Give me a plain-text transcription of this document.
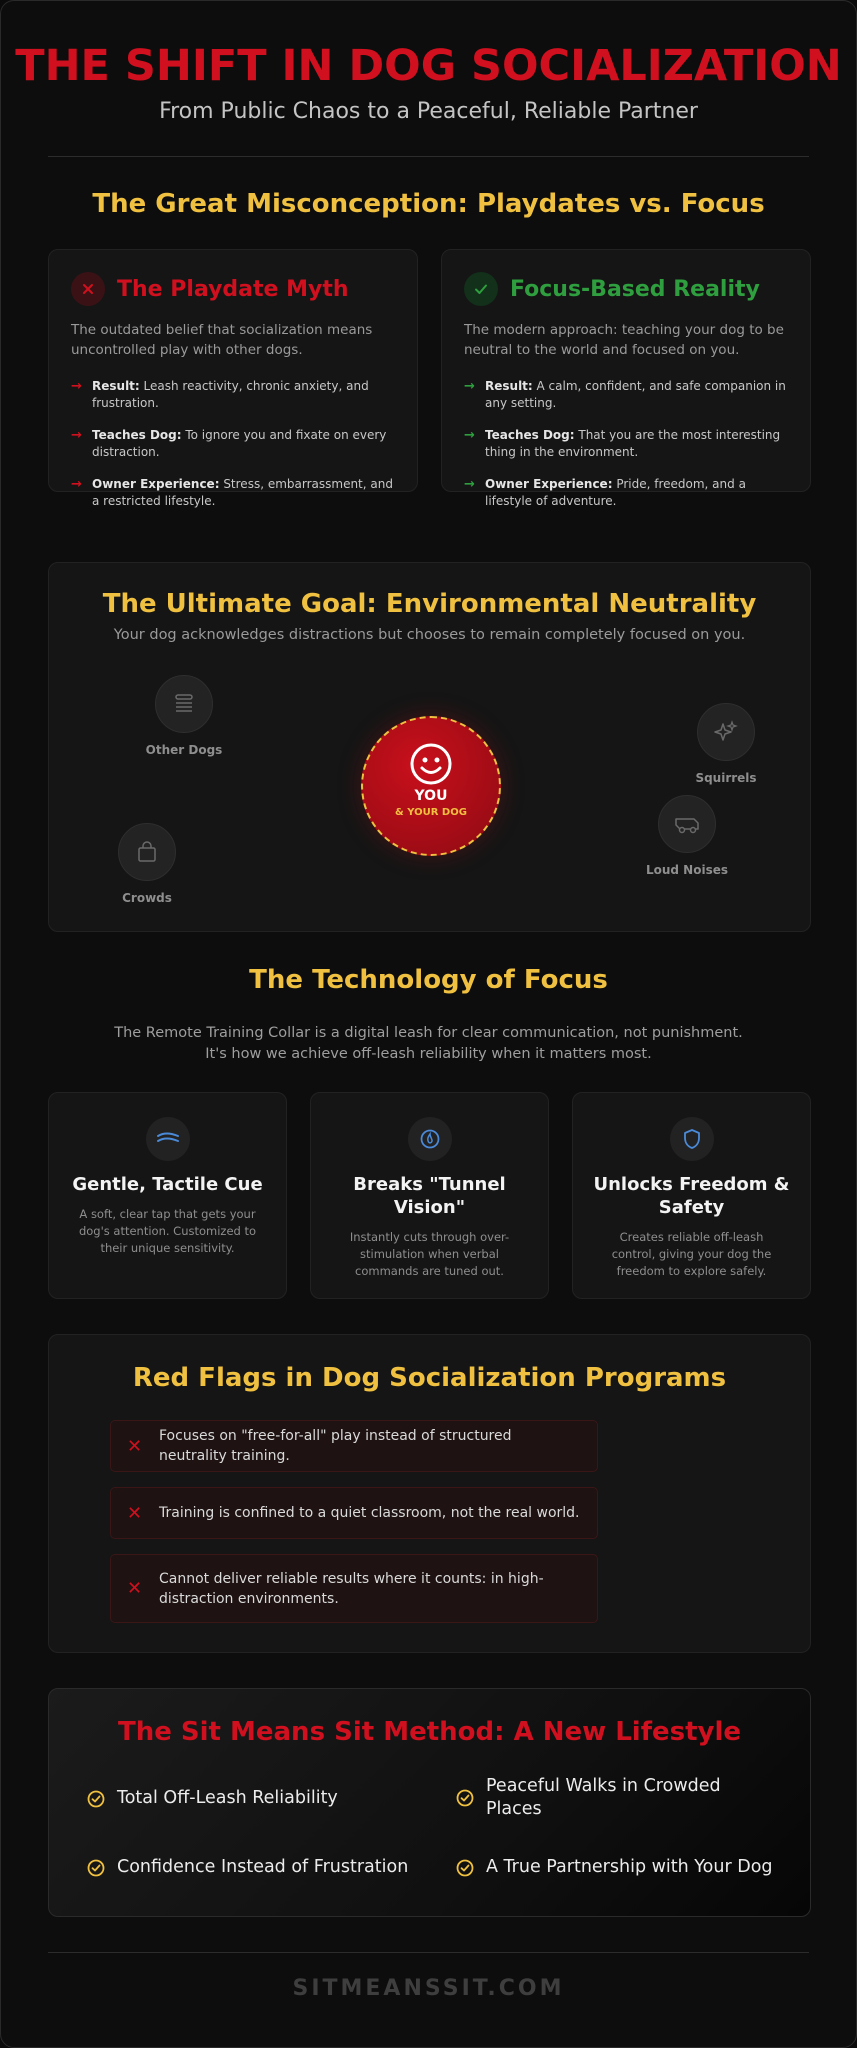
THE SHIFT IN DOG SOCIALIZATION
From Public Chaos to a Peaceful, Reliable Partner
The Great Misconception: Playdates vs. Focus
The Playdate Myth
The outdated belief that socialization means uncontrolled play with other dogs.
→ Result: Leash reactivity, chronic anxiety, and frustration.
→ Teaches Dog: To ignore you and fixate on every distraction.
→ Owner Experience: Stress, embarrassment, and a restricted lifestyle.
Focus-Based Reality
The modern approach: teaching your dog to be neutral to the world and focused on you.
→ Result: A calm, confident, and safe companion in any setting.
→ Teaches Dog: That you are the most interesting thing in the environment.
→ Owner Experience: Pride, freedom, and a lifestyle of adventure.
The Ultimate Goal: Environmental Neutrality
Your dog acknowledges distractions but chooses to remain completely focused on you.
Other Dogs
Squirrels
Loud Noises
Crowds
YOU
& YOUR DOG
The Technology of Focus
The Remote Training Collar is a digital leash for clear communication, not punishment.
It's how we achieve off-leash reliability when it matters most.
Gentle, Tactile Cue
A soft, clear tap that gets your dog's attention. Customized to their unique sensitivity.
Breaks "Tunnel Vision"
Instantly cuts through over-stimulation when verbal commands are tuned out.
Unlocks Freedom & Safety
Creates reliable off-leash control, giving your dog the freedom to explore safely.
Red Flags in Dog Socialization Programs
✕	Focuses on "free-for-all" play instead of structured neutrality training.
✕	Training is confined to a quiet classroom, not the real world.
✕	Cannot deliver reliable results where it counts: in high-distraction environments.
The Sit Means Sit Method: A New Lifestyle
Total Off-Leash Reliability
Peaceful Walks in Crowded Places
Confidence Instead of Frustration	A True Partnership with Your Dog
SITMEANSSIT.COM
